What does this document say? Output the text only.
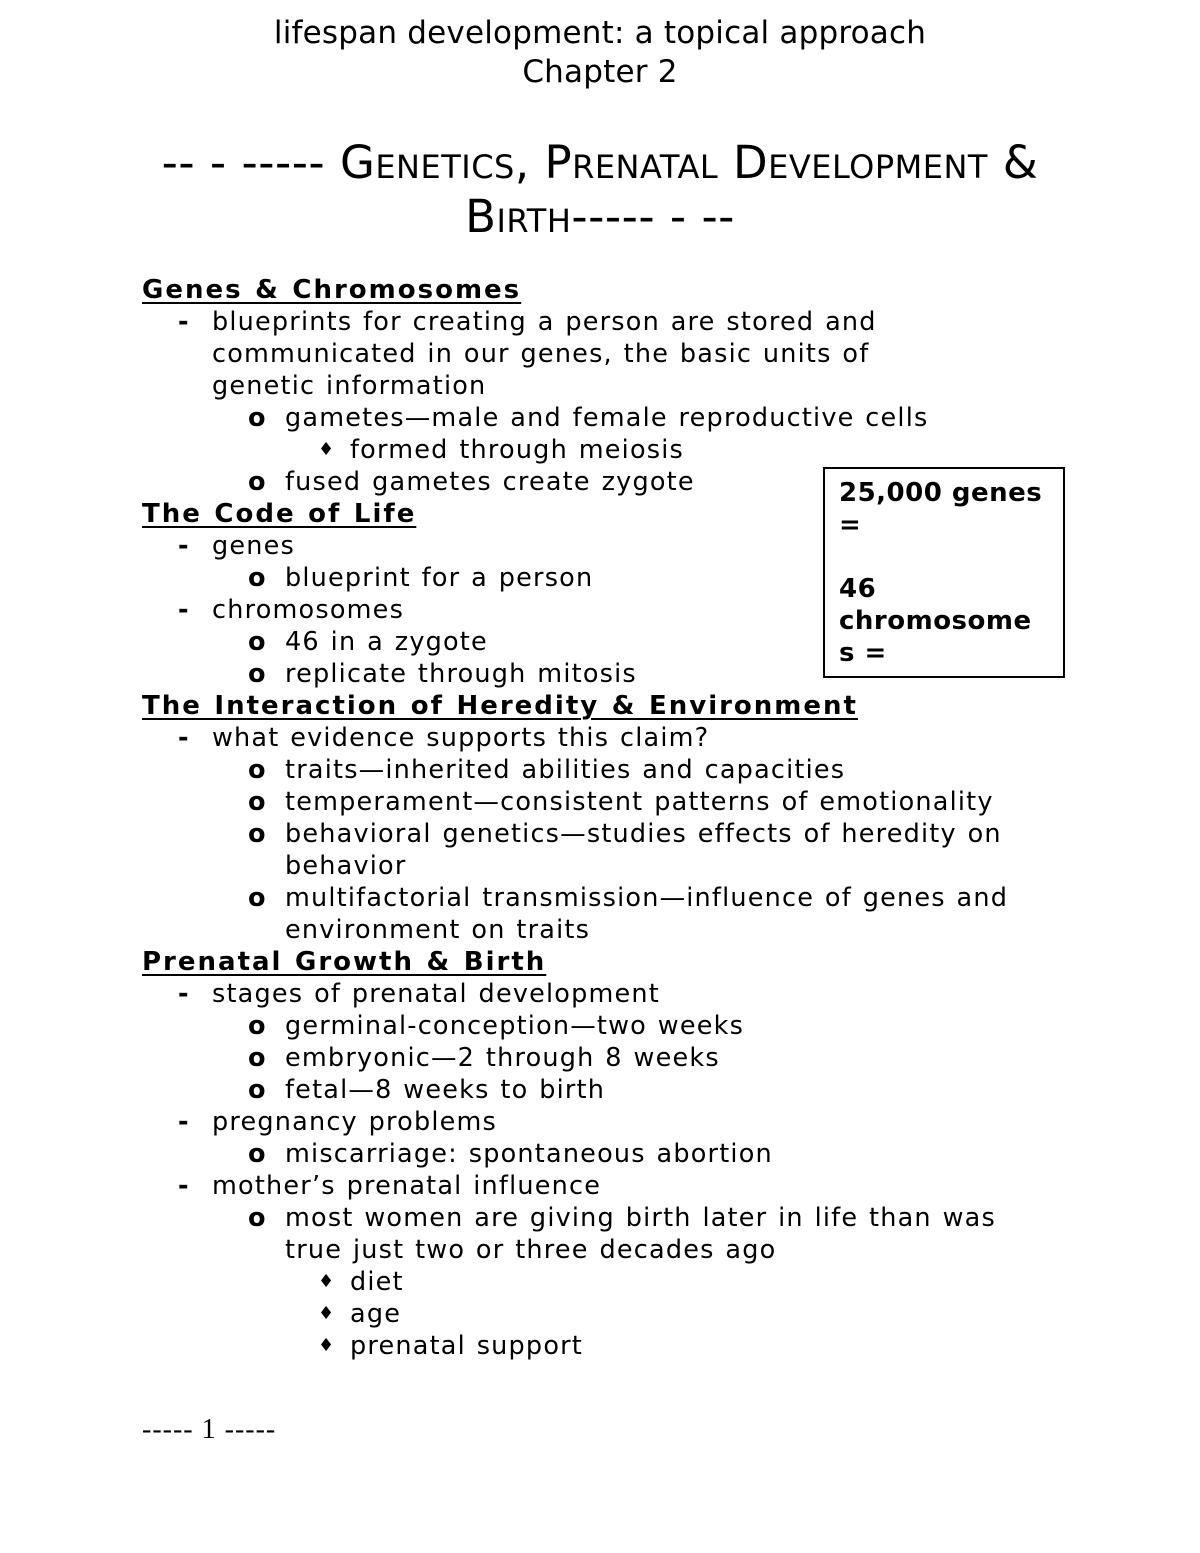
lifespan development: a topical approach
Chapter 2
-- - ----- Genetics, Prenatal Development & Birth----- - --
Genes & Chromosomes
- blueprints for creating a person are stored and communicated in our genes, the basic units of genetic information
o gametes—male and female reproductive cells
♦ formed through meiosis
o fused gametes create zygote
The Code of Life
- genes
o blueprint for a person
- chromosomes
o 46 in a zygote
o replicate through mitosis
The Interaction of Heredity & Environment
- what evidence supports this claim?
o traits—inherited abilities and capacities
o temperament—consistent patterns of emotionality
o behavioral genetics—studies effects of heredity on behavior
o multifactorial transmission—influence of genes and environment on traits
Prenatal Growth & Birth
- stages of prenatal development
o germinal-conception—two weeks
o embryonic—2 through 8 weeks
o fetal—8 weeks to birth
- pregnancy problems
o miscarriage: spontaneous abortion
- mother’s prenatal influence
o most women are giving birth later in life than was true just two or three decades ago
♦ diet
♦ age
♦ prenatal support
25,000 genes
=
46
chromosome
s =
----- 1 -----
